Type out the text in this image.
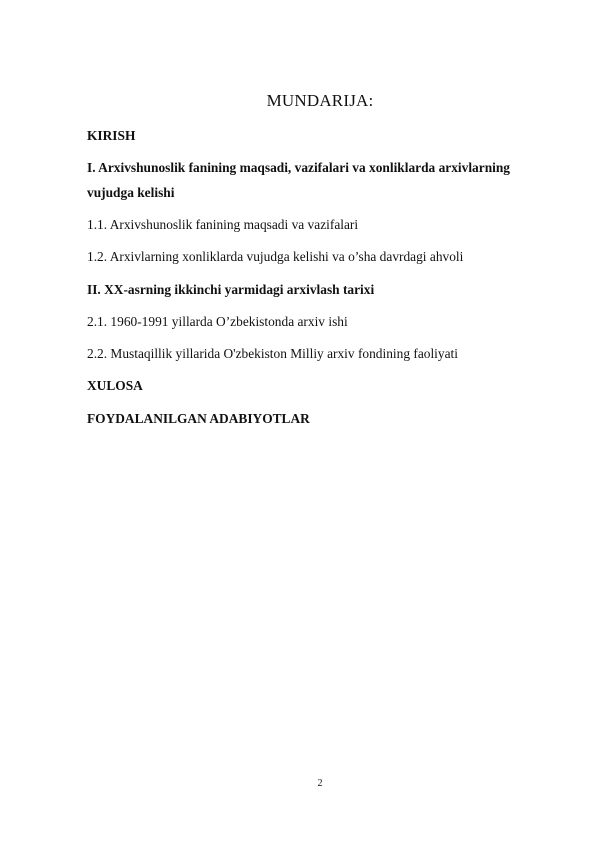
MUNDARIJA:
KIRISH
I. Arxivshunoslik fanining maqsadi, vazifalari va xonliklarda arxivlarning
vujudga kelishi
1.1. Arxivshunoslik fanining maqsadi va vazifalari
1.2. Arxivlarning xonliklarda vujudga kelishi va o’sha davrdagi ahvoli
II. XX-asrning ikkinchi yarmidagi arxivlash tarixi
2.1. 1960-1991 yillarda O’zbekistonda arxiv ishi
2.2. Mustaqillik yillarida O'zbekiston Milliy arxiv fondining faoliyati
XULOSA
FOYDALANILGAN ADABIYOTLAR
2
